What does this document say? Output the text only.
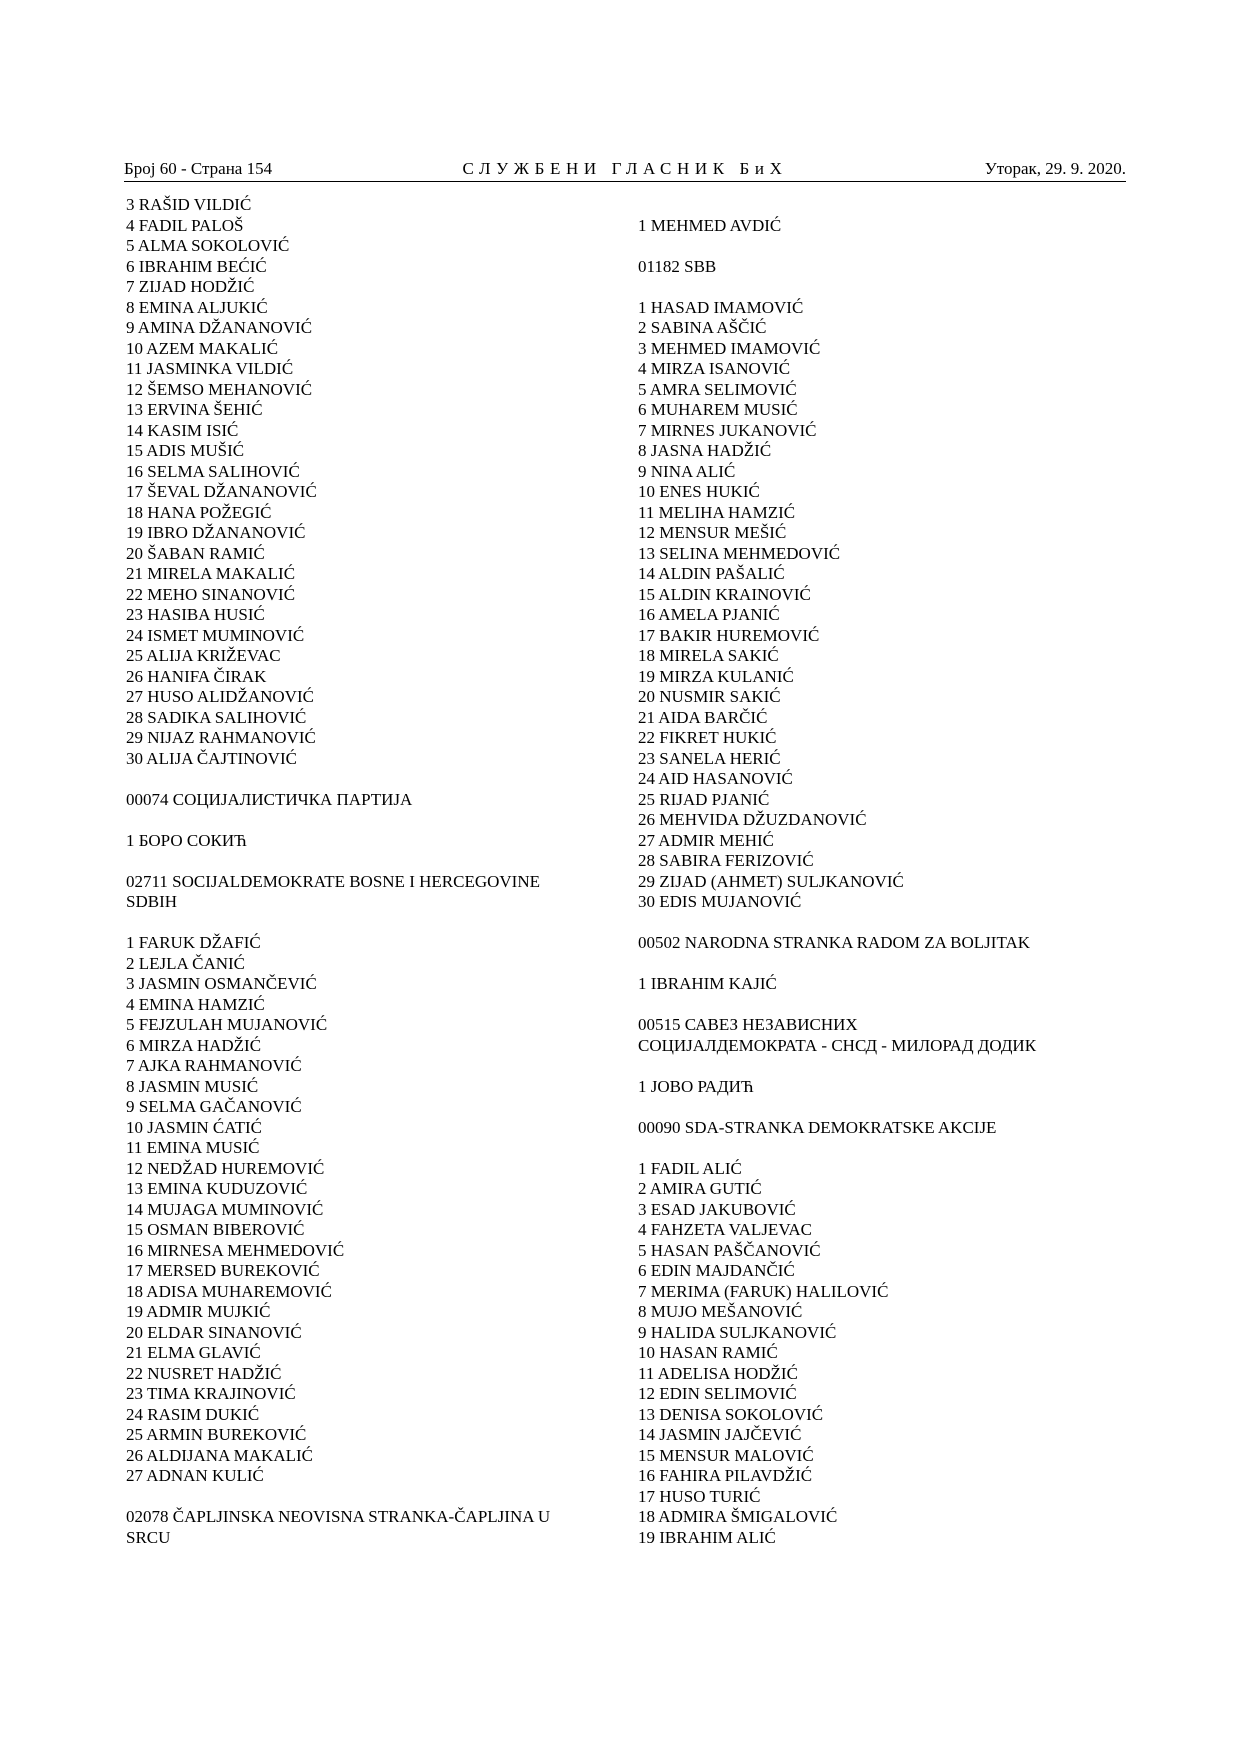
СЛУЖБЕНИ ГЛАСНИК БиХ
Број 60 - Страна 154	Уторак, 29. 9. 2020.
3 RAŠID VILDIĆ
4 FADIL PALOŠ
5 ALMA SOKOLOVIĆ
6 IBRAHIM BEĆIĆ
7 ZIJAD HODŽIĆ
8 EMINA ALJUKIĆ
9 AMINA DŽANANOVIĆ
10 AZEM MAKALIĆ
11 JASMINKA VILDIĆ
12 ŠEMSO MEHANOVIĆ
13 ERVINA ŠEHIĆ
14 KASIM ISIĆ
15 ADIS MUŠIĆ
16 SELMA SALIHOVIĆ
17 ŠEVAL DŽANANOVIĆ
18 HANA POŽEGIĆ
19 IBRO DŽANANOVIĆ
20 ŠABAN RAMIĆ
21 MIRELA MAKALIĆ
22 MEHO SINANOVIĆ
23 HASIBA HUSIĆ
24 ISMET MUMINOVIĆ
25 ALIJA KRIŽEVAC
26 HANIFA ČIRAK
27 HUSO ALIDŽANOVIĆ
28 SADIKA SALIHOVIĆ
29 NIJAZ RAHMANOVIĆ
30 ALIJA ČAJTINOVIĆ
00074 СОЦИЈАЛИСТИЧКА ПАРТИЈА
1 БОРО СОКИЋ
02711 SOCIJALDEMOKRATE BOSNE I HERCEGOVINE
SDBIH
1 FARUK DŽAFIĆ
2 LEJLA ČANIĆ
3 JASMIN OSMANČEVIĆ
4 EMINA HAMZIĆ
5 FEJZULAH MUJANOVIĆ
6 MIRZA HADŽIĆ
7 AJKA RAHMANOVIĆ
8 JASMIN MUSIĆ
9 SELMA GAČANOVIĆ
10 JASMIN ĆATIĆ
11 EMINA MUSIĆ
12 NEDŽAD HUREMOVIĆ
13 EMINA KUDUZOVIĆ
14 MUJAGA MUMINOVIĆ
15 OSMAN BIBEROVIĆ
16 MIRNESA MEHMEDOVIĆ
17 MERSED BUREKOVIĆ
18 ADISA MUHAREMOVIĆ
19 ADMIR MUJKIĆ
20 ELDAR SINANOVIĆ
21 ELMA GLAVIĆ
22 NUSRET HADŽIĆ
23 TIMA KRAJINOVIĆ
24 RASIM DUKIĆ
25 ARMIN BUREKOVIĆ
26 ALDIJANA MAKALIĆ
27 ADNAN KULIĆ
02078 ČAPLJINSKA NEOVISNA STRANKA-ČAPLJINA U
SRCU
1 MEHMED AVDIĆ
01182 SBB
1 HASAD IMAMOVIĆ
2 SABINA AŠČIĆ
3 MEHMED IMAMOVIĆ
4 MIRZA ISANOVIĆ
5 AMRA SELIMOVIĆ
6 MUHAREM MUSIĆ
7 MIRNES JUKANOVIĆ
8 JASNA HADŽIĆ
9 NINA ALIĆ
10 ENES HUKIĆ
11 MELIHA HAMZIĆ
12 MENSUR MEŠIĆ
13 SELINA MEHMEDOVIĆ
14 ALDIN PAŠALIĆ
15 ALDIN KRAINOVIĆ
16 AMELA PJANIĆ
17 BAKIR HUREMOVIĆ
18 MIRELA SAKIĆ
19 MIRZA KULANIĆ
20 NUSMIR SAKIĆ
21 AIDA BARČIĆ
22 FIKRET HUKIĆ
23 SANELA HERIĆ
24 AID HASANOVIĆ
25 RIJAD PJANIĆ
26 MEHVIDA DŽUZDANOVIĆ
27 ADMIR MEHIĆ
28 SABIRA FERIZOVIĆ
29 ZIJAD (AHMET) SULJKANOVIĆ
30 EDIS MUJANOVIĆ
00502 NARODNA STRANKA RADOM ZA BOLJITAK
1 IBRAHIM KAJIĆ
00515 САВЕЗ НЕЗАВИСНИХ
СОЦИЈАЛДЕМОКРАТА - СНСД - МИЛОРАД ДОДИК
1 JОВО РАДИЋ
00090 SDA-STRANKA DEMOKRATSKE AKCIJE
1 FADIL ALIĆ
2 AMIRA GUTIĆ
3 ESAD JAKUBOVIĆ
4 FAHZETA VALJEVAC
5 HASAN PAŠČANOVIĆ
6 EDIN MAJDANČIĆ
7 MERIMA (FARUK) HALILOVIĆ
8 MUJO MEŠANOVIĆ
9 HALIDA SULJKANOVIĆ
10 HASAN RAMIĆ
11 ADELISA HODŽIĆ
12 EDIN SELIMOVIĆ
13 DENISA SOKOLOVIĆ
14 JASMIN JAJČEVIĆ
15 MENSUR MALOVIĆ
16 FAHIRA PILAVDŽIĆ
17 HUSO TURIĆ
18 ADMIRA ŠMIGALOVIĆ
19 IBRAHIM ALIĆ
